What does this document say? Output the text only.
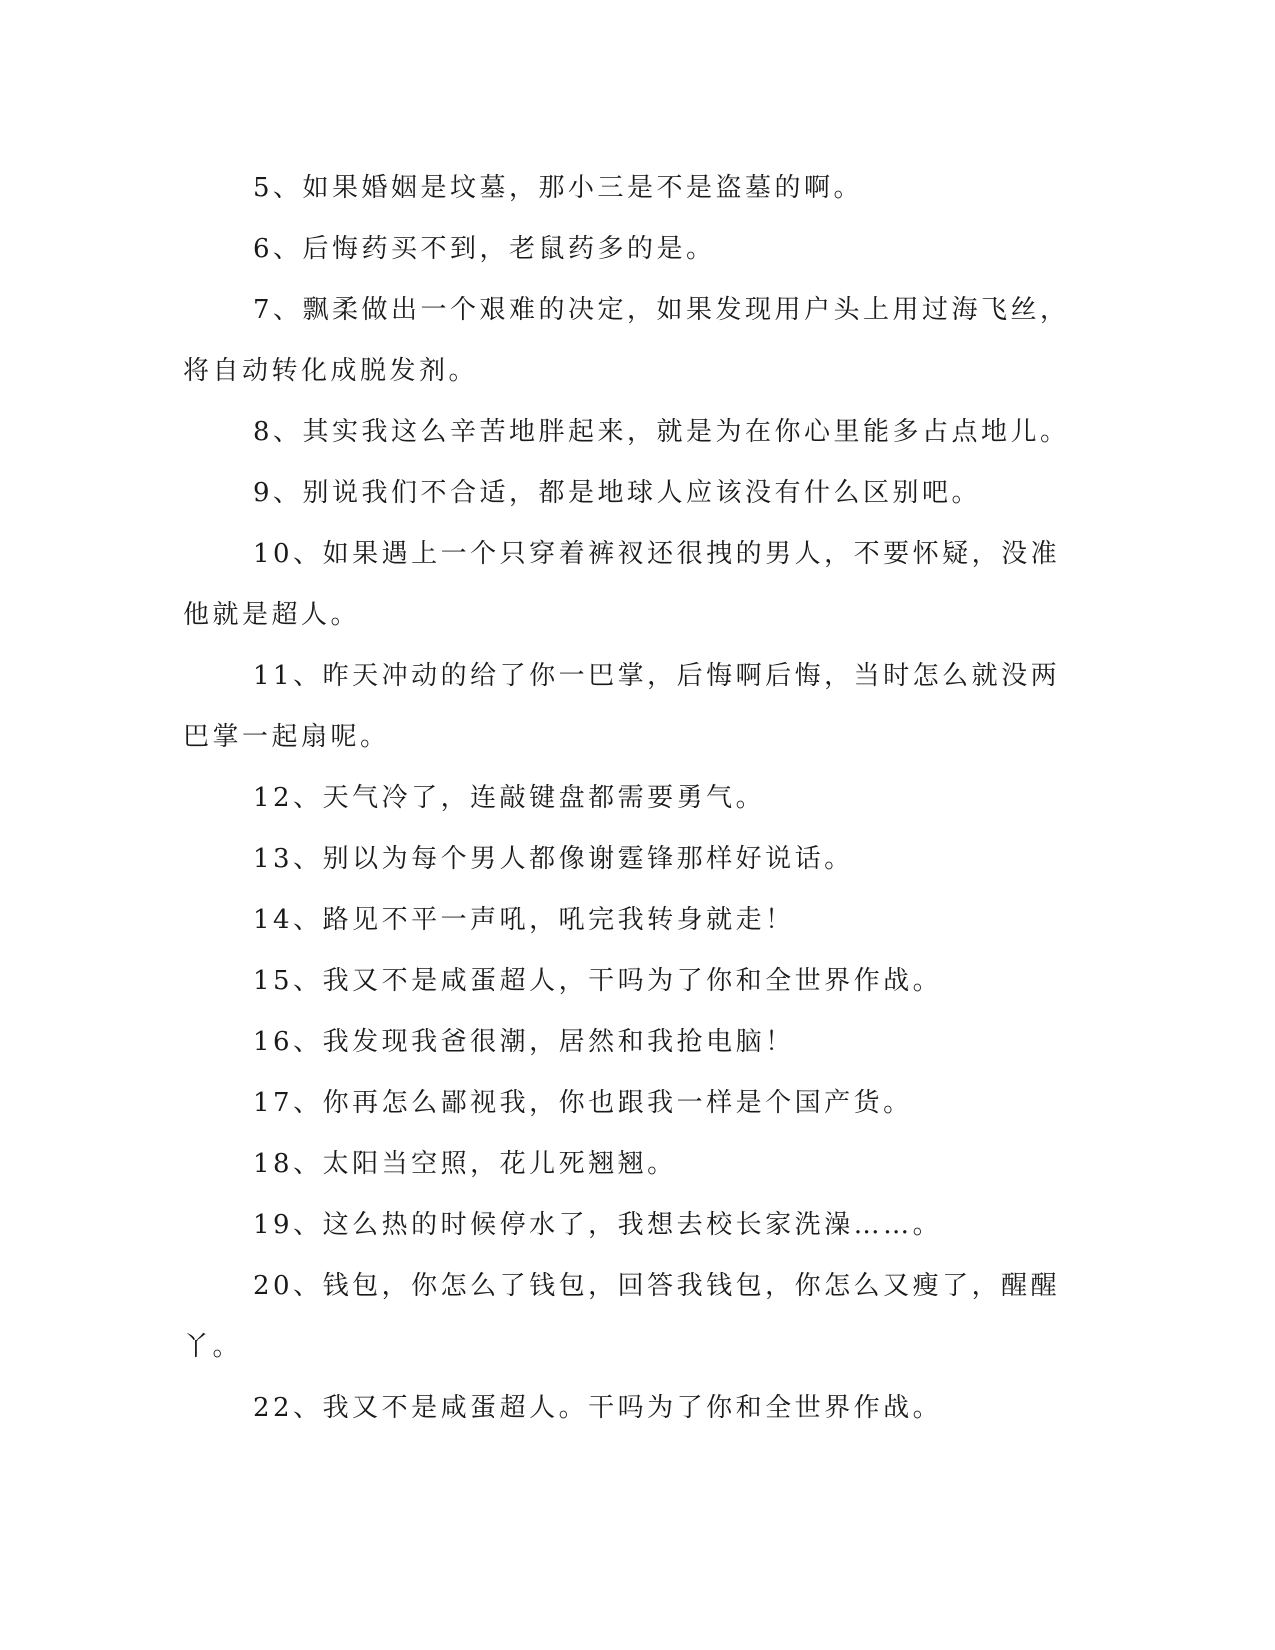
5、如果婚姻是坟墓，那小三是不是盗墓的啊。

6、后悔药买不到，老鼠药多的是。

7、飘柔做出一个艰难的决定，如果发现用户头上用过海飞丝，将自动转化成脱发剂。

8、其实我这么辛苦地胖起来，就是为在你心里能多占点地儿。

9、别说我们不合适，都是地球人应该没有什么区别吧。

10、如果遇上一个只穿着裤衩还很拽的男人，不要怀疑，没准他就是超人。

11、昨天冲动的给了你一巴掌，后悔啊后悔，当时怎么就没两巴掌一起扇呢。

12、天气冷了，连敲键盘都需要勇气。

13、别以为每个男人都像谢霆锋那样好说话。

14、路见不平一声吼，吼完我转身就走！

15、我又不是咸蛋超人，干吗为了你和全世界作战。

16、我发现我爸很潮，居然和我抢电脑！

17、你再怎么鄙视我，你也跟我一样是个国产货。

18、太阳当空照，花儿死翘翘。

19、这么热的时候停水了，我想去校长家洗澡……。

20、钱包，你怎么了钱包，回答我钱包，你怎么又瘦了，醒醒丫。

22、我又不是咸蛋超人。干吗为了你和全世界作战。
